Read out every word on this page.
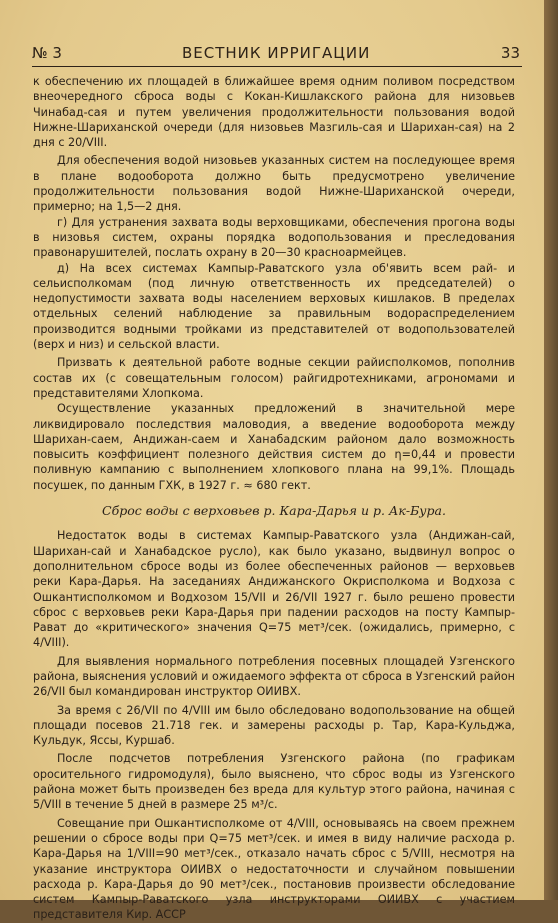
№ 3	ВЕСТНИК ИРРИГАЦИИ	33

к обеспечению их площадей в ближайшее время одним поливом посредством внеочередного сброса воды с Кокан-Кишлакского района для низовьев Чинабад-сая и путем увеличения продолжительности пользования водой Нижне-Шариханской очереди (для низовьев Мазгиль-сая и Шарихан-сая) на 2 дня с 20/VIII.

Для обеспечения водой низовьев указанных систем на последующее время в плане водооборота должно быть предусмотрено увеличение продолжительности пользования водой Нижне-Шариханской очереди, примерно; на 1,5—2 дня.

г) Для устранения захвата воды верховщиками, обеспечения прогона воды в низовья систем, охраны порядка водопользования и преследования правонарушителей, послать охрану в 20—30 красноармейцев.

д) На всех системах Кампыр-Раватского узла об'явить всем рай- и сельисполкомам (под личную ответственность их председателей) о недопустимости захвата воды населением верховых кишлаков. В пределах отдельных селений наблюдение за правильным водораспределением производится водными тройками из представителей от водопользователей (верх и низ) и сельской власти.

Призвать к деятельной работе водные секции райисполкомов, пополнив состав их (с совещательным голосом) райгидротехниками, агрономами и представителями Хлопкома.

Осуществление указанных предложений в значительной мере ликвидировало последствия маловодия, а введение водооборота между Шарихан-саем, Андижан-саем и Ханабадским районом дало возможность повысить коэффициент полезного действия систем до η=0,44 и провести поливную кампанию с выполнением хлопкового плана на 99,1%. Площадь посушек, по данным ГХК, в 1927 г. ≈ 680 гект.

Сброс воды с верховьев р. Кара-Дарья и р. Ак-Бура.

Недостаток воды в системах Кампыр-Раватского узла (Андижан-сай, Шарихан-сай и Ханабадское русло), как было указано, выдвинул вопрос о дополнительном сбросе воды из более обеспеченных районов — верховьев реки Кара-Дарья. На заседаниях Андижанского Окрисполкома и Водхоза с Ошкантисполкомом и Водхозом 15/VII и 26/VII 1927 г. было решено провести сброс с верховьев реки Кара-Дарья при падении расходов на посту Кампыр-Рават до «критического» значения Q=75 мет³/сек. (ожидались, примерно, с 4/VIII).

Для выявления нормального потребления посевных площадей Узгенского района, выяснения условий и ожидаемого эффекта от сброса в Узгенский район 26/VII был командирован инструктор ОИИВХ.

За время с 26/VII по 4/VIII им было обследовано водопользование на общей площади посевов 21.718 гек. и замерены расходы р. Тар, Кара-Кульджа, Кульдук, Яссы, Куршаб.

После подсчетов потребления Узгенского района (по графикам оросительного гидромодуля), было выяснено, что сброс воды из Узгенского района может быть произведен без вреда для культур этого района, начиная с 5/VIII в течение 5 дней в размере 25 м³/с.

Совещание при Ошкантисполкоме от 4/VIII, основываясь на своем прежнем решении о сбросе воды при Q=75 мет³/сек. и имея в виду наличие расхода р. Кара-Дарья на 1/VIII=90 мет³/сек., отказало начать сброс с 5/VIII, несмотря на указание инструктора ОИИВХ о недостаточности и случайном повышении расхода р. Кара-Дарья до 90 мет³/сек., постановив произвести обследование систем Кампыр-Раватского узла инструкторами ОИИВХ с участием представителя Кир. АССР
